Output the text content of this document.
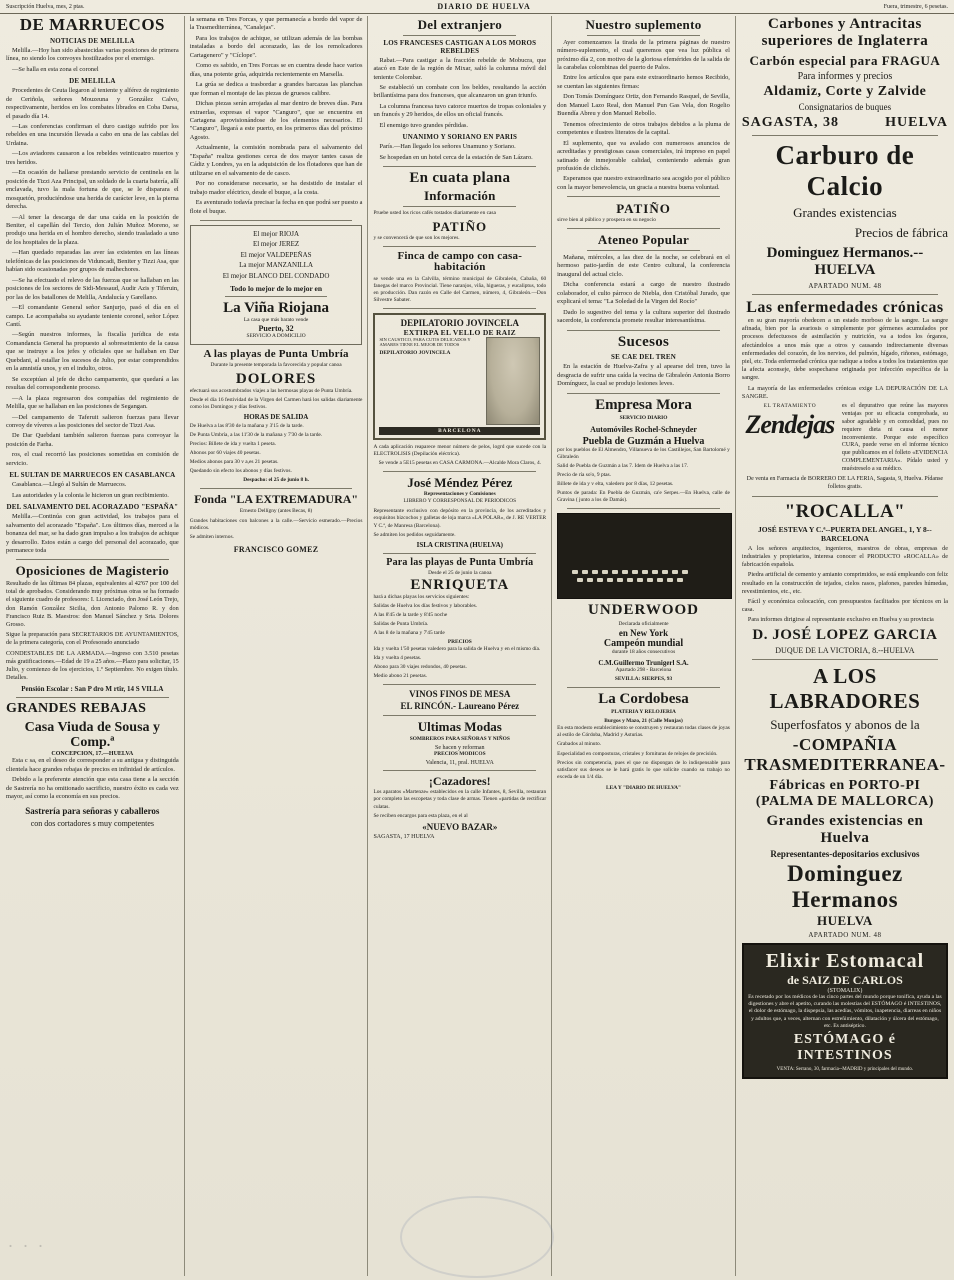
Suscripción Huelva, mes, 2 ptas.	DIARIO DE HUELVA	Fuera, trimestre, 6 pesetas.
DE MARRUECOS
NOTICIAS DE MELILLA

Melilla.—Hoy han sido abastecidas varias posiciones de primera línea, no siendo los convoyes hostilizados por el enemigo.

—Se halla en esta zona el coronel

DE MELILLA

Procedentes de Ceuta llegaron al teniente y alférez de regimiento de Ceriñola, señores Mouzeuna y González Calvo, respectivamente, heridos en los combates librados en Coba Darsa, el pasado día 14.

—Las conferencias confirman el duro castigo sufrido por los rebeldes en una incursión llevada a cabo en una de las cabilas del Urdaina.

—Los aviadores causaron a los rebeldes veinticuatro muertos y tres heridos.

—En ocasión de hallarse prestando servicio de centinela en la posición de Tizzi Aza Principal, un soldado de la cuarta batería, allí enclavada, tuvo la mala fortuna de que, se le disparara el mosquetón, produciéndose una herida de carácter leve, en la pierna derecha.

—Al tener la descarga de dar una caída en la posición de Beniter, el capellán del Tercio, don Julián Muñoz Moreno, se produjo una herida en el hombro derecho, siendo trasladado a uno de los hospitales de la plaza.

—Han quedado reparadas las aver ías existentes en las líneas telefónicas de las posiciones de Viduncadi, Beniter y Tizzi Asa, que habían sido ocasionadas por grupos de malhechores.

—Se ha efectuado el relevo de las fuerzas que se hallaban en las posiciones de los sectores de Sidi-Messaud, Audir Azis y Tiferuin, por las de los batallones de Melilla, Andalucía y Garellano.

—El comandante General señor Sanjurjo, pasó el día en el campo. Le acompañaba su ayudante teniente coronel, señor López Cantí.

—Según nuestros informes, la fiscalía jurídica de esta Comandancia General ha propuesto al sobreseimiento de la causa que se instruye a los jefes y oficiales que se hallaban en Dar Quebdani, al estallar los sucesos de Julio, por estar comprendidos en la amnistía unos, y en el indulto, otros.

Se exceptúan al jefe de dicho campamento, que quedará a las resultas del correspondiente proceso.

—A la plaza regresaron dos compañías del regimiento de Melilla, que se hallaban en las posiciones de Segangan.

—Del campamento de Taferuit salieron fuerzas para llevar convoy de víveres a las posiciones del sector de Tizzi Asa.

De Dar Quebdani también salieron fuerzas para convoyar la posición de Farha.

ros, el cual recorrió las posiciones sometidas en comisión de servicio.

EL SULTAN DE MARRUECOS EN CASABLANCA

Casablanca.—Llegó al Sultán de Marruecos.

Las autoridades y la colonia le hicieron un gran recibimiento.

DEL SALVAMENTO DEL ACORAZADO "ESPAÑA"

Melilla.—Continúa con gran actividad, los trabajos para el salvamento del acorazado "España". Los últimos días, merced a la bonanza del mar, se ha dado gran impulso a los trabajos de achique y desarrollo. Estos están a cargo del personal del acorazado, que permanece toda

Oposiciones de Magisterio

Resultado de las últimas 84 plazas, equivalentes al 42'67 por 100 del total de aprobados. Considerando muy próximas otras se ha formado el siguiente cuadro de profesores: I. Licenciado, don José León Trejo, don Ramón González Sicilia, don Antonio Palomo R. y don Francisco Ruiz B. Maestros: don Manuel Sánchez y Srta. Dolores Grosso.

Sigue la preparación para SECRETARIOS DE AYUNTAMIENTOS, de la primera categoría, con el Profesorado anunciado

CONDESTABLES DE LA ARMADA.—Ingreso con 3.510 pesetas más gratificaciones.—Edad de 19 a 25 años.—Plazo para solicitar, 15 Julio, y comienzo de los ejercicios, 1.º Septiembre. No exigen título. Detalles.

Pensión Escolar : San P dro M rtir, 14 S VILLA
GRANDES REBAJAS
Casa Viuda de Sousa y Comp.ª
CONCEPCION, 17.—HUELVA

Esta c sa, en el deseo de corresponder a su antigua y distinguida clientela hace grandes rebajas de precios en infinidad de artículos.

Debido a la preferente atención que esta casa tiene a la sección de Sastrería no ha omitionado sacrificio, nuestro éxito es cada vez mayor, así como la economía en sus precios.

Sastrería para señoras y caballeros
con dos cortadores s muy competentes

la semana en Tres Forcas, y que permanecía a bordo del vapor de la Trasmediterránea, "Canalejas".

Para los trabajos de achique, se utilizan además de las bombas instaladas a bordo del acorazado, las de los remolcadores Cartagenero" y "Cíclope".

Como es sabido, en Tres Forcas se en cuentra desde hace varios días, una potente grúa, adquirida recientemente en Marsella.

La grúa se dedica a trasbordar a grandes barcazas las planchas que forman el montaje de las piezas de gruesos calibre.

Dichas piezas serán arrojadas al mar dentro de breves días. Para extraerlas, expresas el vapor "Canguro", que se encuentra en Cartagena aprovisionándose de los elementos necesarios. El "Canguro", llegará a este puerto, en los primeros días del próximo Agosto.

Actualmente, la comisión nombrada para el salvamento del "España" realiza gestiones cerca de dos mayor tantes casas de Cádiz y Londres, ya en la adquisición de los flotadores que han de utilizarse en el salvamento de de casco.

Por no considerarse necesario, se ha desistido de instalar el trabajo mador eléctrico, desde el buque, a la costa.

Es aventurado todavía precisar la fecha en que podrá ser puesto a flote el buque.

El mejor RIOJA
El mejor JEREZ
El mejor VALDEPEÑAS
La mejor MANZANILLA
El mejor BLANCO DEL CONDADO
Todo lo mejor de lo mejor en
La Viña Riojana
La casa que más barato vende
Puerto, 32
SERVICIO A DOMICILIO
A las playas de Punta Umbría
Durante la presente temporada la favorecida y popular canoa
DOLORES

efectuará sus acostumbrados viajes a las hermosas playas de Punta Umbría.

Desde el día 16 festividad de la Virgen del Carmen hará los salidas diariamente como los Domingos y días festivos.

HORAS DE SALIDA

De Huelva a las 8'30 de la mañana y 3'15 de la tarde.

De Punta Umbría, a las 11'30 de la mañana y 7'30 de la tarde.

Precios: Billete de ida y vuelta 1 peseta.

Abonos por 60 viajes 40 pesetas.

Medios abonos para 30 v a,es 21 pesetas.

Quedando sin efecto los abonos y días festivos.

Despacho: el 25 de junio 8 h.

Fonda "LA EXTREMADURA"
Ernesto Dellígny (antes Becas, 8)

Grandes habitaciones con balcones a la calle.—Servicio esmerado.—Precios módicos.

Se admiten internos.

FRANCISCO GOMEZ
Del extranjero
LOS FRANCESES CASTIGAN A LOS MOROS REBELDES

Rabat.—Para castigar a la fracción rebelde de Mobucra, que atacó en Este de la región de Mixar, salió la columna móvil del teniente Colombar.

Se estableció un combate con los beldes, resultando la acción brillantísima para dos franceses, que alcanzaron un gran triunfo.

La columna francesa tuvo catorce muertos de tropas coloniales y un francés y 29 heridos, de ellos un oficial francés.

El enemigo tuvo grandes pérdidas.

UNANIMO Y SORIANO EN PARIS

París.—Han llegado los señores Unamuno y Soriano.

Se hospedan en un hotel cerca de la estación de San Lázaro.

En cuata plana
Información

Pruebe usted los ricos cafés tostados diariamente en casa

PATIÑO

y se convencerá de que son los mejores.

Finca de campo con casa-habitación

se vende una en la Calvilla, término municipal de Gibraleón, Cabaña, 60 fanegas del marco Provincial. Tiene naranjos, viña, higueras, y eucaliptus, todo en producción. Dan razón en Calle del Carmen, número, 4, Gibraleón.—Don Silvestre Sabater.

DEPILATORIO JOVINCELA
EXTIRPA EL VELLO DE RAIZ
SIN CAUSTICO, PARA CUTIS DELICADOS Y AMARES TIENE EL MEJOR DE TODOS
DEPILATORIO JOVINCELA
BARCELONA

A cada aplicación reaparece menor número de pelos, logrd que sucede con la ELECTROLISIS (Depilación eléctrica).

Se vende a 5E15 pesetas en CASA CARMONA.—Alcalde Mora Claros, 4.

José Méndez Pérez
Representaciones y Comisiones
LIBRERO Y CORRESPONSAL DE PERIODICOS

Representante exclusivo con depósito en la provincia, de los acreditados y exquisitos bizcochos y galletas de loja marca «LA POLAR», de J. RE VERTER Y C.ª, de Manresa (Barcelona).

Se admiten los pedidos seguidamente.

ISLA CRISTINA (HUELVA)
Para las playas de Punta Umbría
Desde el 25 de junio la canoa
ENRIQUETA

hará a dichas playas los servicios siguientes:

Salidas de Huelva los días festivos y laborables.

A las 8'45 de la tarde y 8'45 noche

Salidas de Punta Umbría.

A las 8 de la mañana y 7'45 tarde

PRECIOS

Ida y vuelta 1'50 pesetas valedero para la salida de Huelva y en el mismo día.

Ida y vuelta 4 pesetas.

Abono para 30 viajes redondos, 40 pesetas.

Medio abono 21 pesetas.

VINOS FINOS DE MESA
EL RINCÓN.- Laureano Pérez
Ultimas Modas
SOMBREROS PARA SEÑORAS Y NIÑOS
Se hacen y reforman
PRECIOS MODICOS
Valencia, 11, pral. HUELVA
¡Cazadores!

Los aparatos «Martenze» establecidos en la calle Infantes, 8, Sevilla, restauran por completo las escopetas y toda clase de armas. Tienen «partidas de rectificar culatas.

Se reciben encargos para esta plaza, en el al

«NUEVO BAZAR»
SAGASTA, 17 HUELVA
Nuestro suplemento

Ayer comenzamos la tirada de la primera páginas de nuestro número-suplemento, el cual queremos que vea luz pública el próximo día 2, con motivo de la gloriosa efemérides de la salida de la carabelas colombinas del puerto de Palos.

Entre los artículos que para este extraordinario hemos Recibido, se cuentan las siguientes firmas:

Don Tomás Domínguez Ortiz, don Fernando Rasquel, de Sevilla, don Manuel Lazo Real, don Manuel Pun Gas Vela, don Rogelio Buendía Abreu y don Manuel Rebollo.

Tenemos ofrecimiento de otros trabajos debidos a la pluma de competentes e ilustres literatos de la capital.

El suplemento, que va avalado con numerosos anuncios de acreditadas y prestigiosas casas comerciales, irá impreso en papel satinado de inmejorable calidad, conteniendo además gran profusión de clichés.

Esperamos que nuestro extraordinario sea acogido por el público con la mayor benevolencia, un gracia a nuestra buena voluntad.

PATIÑO

sirve bien al público y prospera en su negocio

Ateneo Popular

Mañana, miércoles, a las diez de la noche, se celebrará en el hermoso patio-jardín de este Centro cultural, la conferencia inaugural del actual ciclo.

Dicha conferencia estará a cargo de nuestro ilustrado colaborador, el culto párroco de Niebla, don Cristóbal Jurado, que explicará el tema: "La Soledad de la Virgen del Rocío"

Dado lo sugestivo del tema y la cultura superior del ilustrado sacerdote, la conferencia promete resultar interesantísima.

Sucesos
SE CAE DEL TREN

En la estación de Huelva-Zafra y al apearse del tren, tuvo la desgracia de sufrir una caída la vecina de Gibraleón Antonia Borro Domínguez, la cual se produjo lesiones leves.

Empresa Mora
SERVICIO DIARIO
Automóviles Rochel-Schneyder
Puebla de Guzmán a Huelva

por los pueblos de El Almendro, Villanueva de los Castillejos, San Bartolomé y Gibraleón

Salid de Puebla de Guzmán a las 7. Idem de Huelva a las 17.

Precio de ría so'o, 9 ptas.

Billete de ida y v elta, valedero por 8 días, 12 pesetas.

Puntos de parada: En Puebla de Guzmán, ca'e Serpes.—En Huelva, calle de Gravina ( junto a los de Damás).

UNDERWOOD
Declarada oficialmente
en New York
Campeón mundial
durante 18 años consecutivos
C.M.Guillermo Trunigerl S.A.
Apartado 298 - Barcelona
SEVILLA: SIERPES, 93
La Cordobesa
PLATERIA Y RELOJERIA
Burgos y Mazo, 21 (Calle Monjas)

En esta modesto establecimiento se construyen y restauran todas clases de joyas al estilo de Córdoba, Madrid y Asturias.

Grabados al minuto.

Especialidad en composturas, cristales y fornituras de relojes de precisión.

Precios sin competencia, pues el que no dispongan de lo indispensable para satisfacer sus deseos se le hará gratis lo que solicite cuando su trabajo no exceda de un 1/4 día.

LEA Y "DIARIO DE HUELVA"
Carbones y Antracitas superiores de Inglaterra
Carbón especial para FRAGUA
Para informes y precios
Aldamiz, Corte y Zalvide
Consignatarios de buques
SAGASTA, 38	HUELVA
Carburo de Calcio
Grandes existencias
Precios de fábrica
Dominguez Hermanos.--HUELVA
APARTADO NUM. 48
Las enfermedades crónicas

en su gran mayoría obedecen a un estado morboso de la sangre. La sangre afinada, bien por la avariosis o simplemente por gérmenes acumulados por procesos defectuosos de asimilación y nutrición, va a todos los órganos, afectándolos a unos más que a otros y causando indirectamente diversas enfermedades del corazón, de los nervios, del pulmón, hígado, riñones, estómago, piel, etc. Toda enfermedad crónica que radique a todos a todos los tratamientos que la afecta aconseje, debe sospecharse originada por infección específica de la sangre.

La mayoría de las enfermedades crónicas exige LA DEPURACIÓN DE LA SANGRE.

EL TRATAMIENTO
Zendejas

es el depurativo que reúne las mayores ventajas por su eficacia comprobada, su sabor agradable y en comodidad, pues no requiere dieta ni causa el menor inconveniente. Porque este específico CURA, puede verse en el informe técnico que publicamos en el folleto «EVIDENCIA COMPLEMENTARIA». Pídalo usted y muéstreselo a su médico.

De venta en Farmacia de BORRERO DE LA FERIA, Sagasta, 9, Huelva. Pídanse folletos gratis.

"ROCALLA"
JOSÉ ESTEVA Y C.ª--PUERTA DEL ANGEL, 1, Y 8--BARCELONA

A los señores arquitectos, ingenieros, maestros de obras, empresas de industriales y propietarios, interesa conocer el PRODUCTO «ROCALLA» de fabricación española.

Piedra artificial de cemento y amianto comprimidos, se está empleando con feliz resultado en la construcción de tejados, cielos rasos, plafones, paredes húmedas, revestimientos, etc., etc.

Fácil y económica colocación, con presupuestos facilitados por técnicos en la casa.

Para informes dirigirse al representante exclusivo en Huelva y su provincia

D. JOSÉ LOPEZ GARCIA
DUQUE DE LA VICTORIA, 8.--HUELVA
A LOS LABRADORES
Superfosfatos y abonos de la
-COMPAÑIA TRASMEDITERRANEA-
Fábricas en PORTO-PI (PALMA DE MALLORCA)
Grandes existencias en Huelva
Representantes-depositarios exclusivos
Dominguez Hermanos
HUELVA
APARTADO NUM. 48
Elixir Estomacal
de SAIZ DE CARLOS
(STOMALIX)

Es recetado por los médicos de las cinco partes del mundo porque tonifica, ayuda a las digestiones y abre el apetito, curando las molestias del ESTÓMAGO é INTESTINOS, el dolor de estómago, la dispepsia, las acedías, vómitos, inapetencia, diarreas en niños y adultos que, a veces, alternan con estreñimiento, dilatación y úlcera del estómago, etc. Es antiséptico.

ESTÓMAGO é INTESTINOS
VENTA: Serrano, 30, farmacia--MADRID y principales del mundo.
· · ·
